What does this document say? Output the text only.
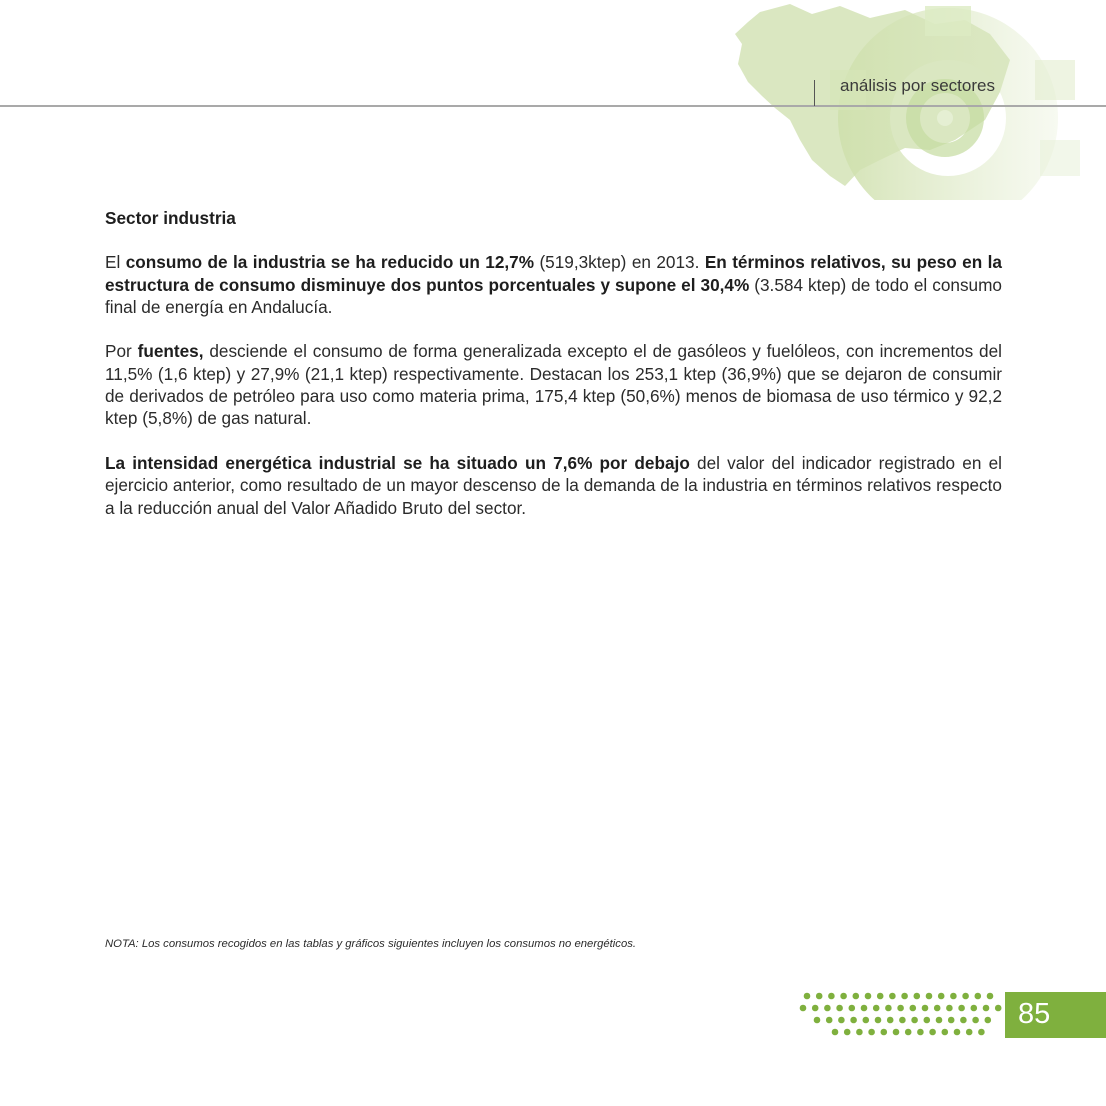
análisis por sectores
Sector industria

El consumo de la industria se ha reducido un 12,7% (519,3ktep) en 2013. En términos relativos, su peso en la estructura de consumo disminuye dos puntos porcentuales y supone el 30,4% (3.584 ktep) de todo el consumo final de energía en Andalucía.

Por fuentes, desciende el consumo de forma generalizada excepto el de gasóleos y fuelóleos, con incrementos del 11,5% (1,6 ktep) y 27,9% (21,1 ktep) respectivamente. Destacan los 253,1 ktep (36,9%) que se dejaron de consumir de derivados de petróleo para uso como materia prima, 175,4 ktep (50,6%) menos de biomasa de uso térmico y 92,2 ktep (5,8%) de gas natural.

La intensidad energética industrial se ha situado un 7,6% por debajo del valor del indicador registrado en el ejercicio anterior, como resultado de un mayor descenso de la demanda de la industria en términos relativos respecto a la reducción anual del Valor Añadido Bruto del sector.

NOTA: Los consumos recogidos en las tablas y gráficos siguientes incluyen los consumos no energéticos.
85
